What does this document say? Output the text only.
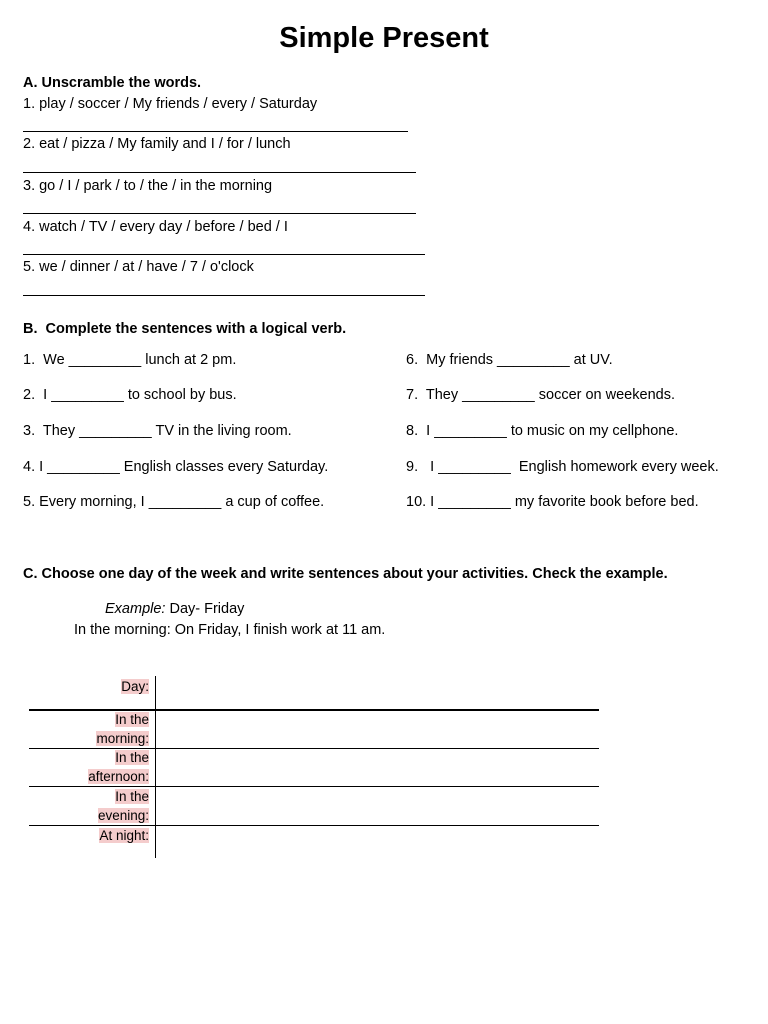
Simple Present
A. Unscramble the words.
1. play / soccer / My friends / every / Saturday
2. eat / pizza / My family and I / for / lunch
3. go / I / park / to / the / in the morning
4. watch / TV / every day / before / bed / I
5. we / dinner / at / have / 7 / o'clock
B.  Complete the sentences with a logical verb.
1.  We _________ lunch at 2 pm.
2.  I _________ to school by bus.
3.  They _________ TV in the living room.
4. I _________ English classes every Saturday.
5. Every morning, I _________ a cup of coffee.
6.  My friends _________ at UV.
7.  They _________ soccer on weekends.
8.  I _________ to music on my cellphone.
9.   I _________  English homework every week.
10. I _________ my favorite book before bed.
C. Choose one day of the week and write sentences about your activities. Check the example.
Example: Day- Friday
In the morning: On Friday, I finish work at 11 am.
Day:
In the
morning:
In the
afternoon:
In the
evening:
At night:
